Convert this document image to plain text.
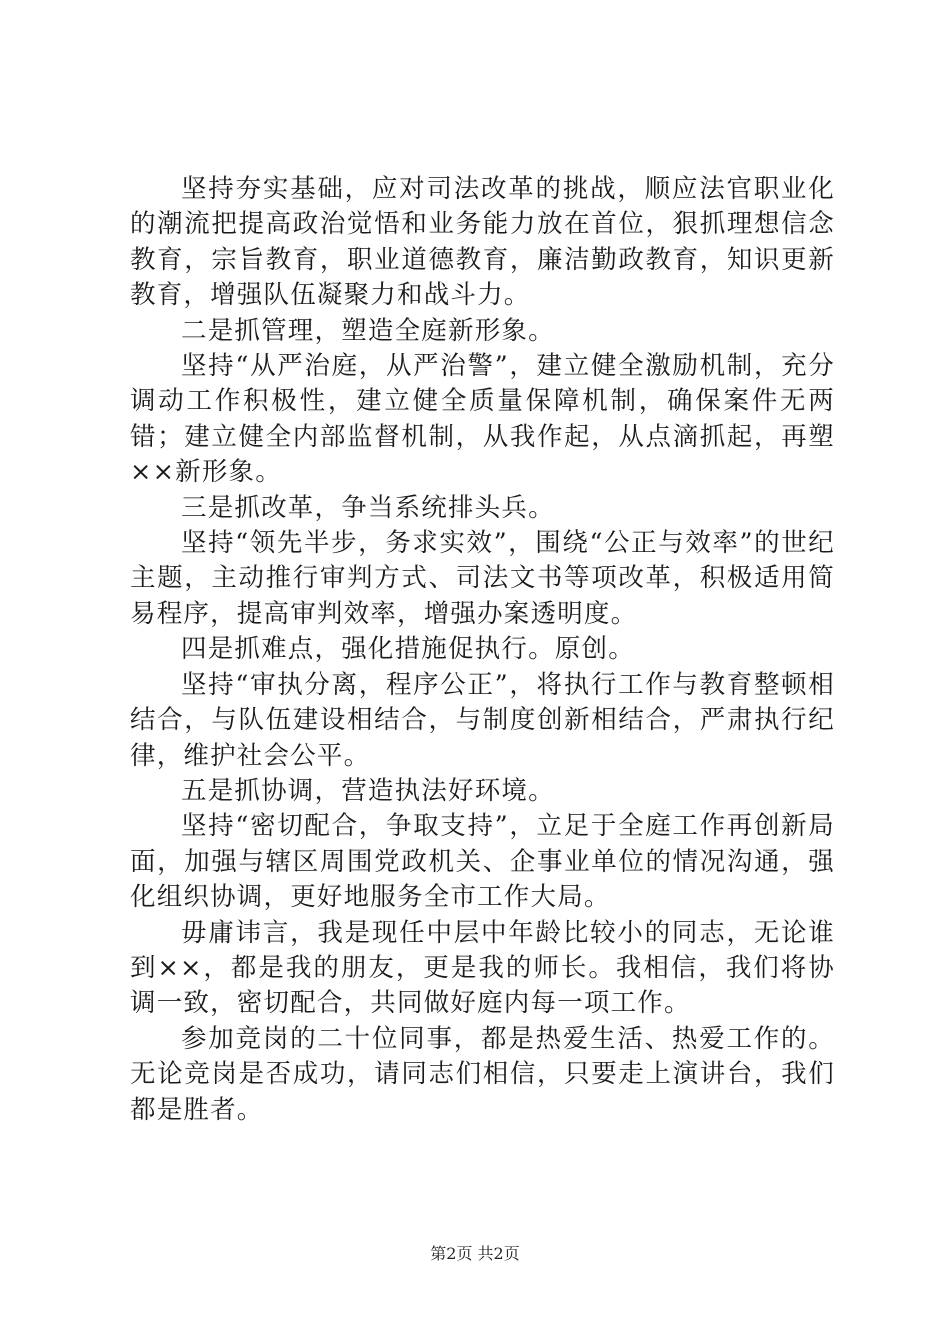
坚持夯实基础，应对司法改革的挑战，顺应法官职业化的潮流把提高政治觉悟和业务能力放在首位，狠抓理想信念教育，宗旨教育，职业道德教育，廉洁勤政教育，知识更新教育，增强队伍凝聚力和战斗力。

二是抓管理，塑造全庭新形象。

坚持“从严治庭，从严治警”，建立健全激励机制，充分调动工作积极性，建立健全质量保障机制，确保案件无两错；建立健全内部监督机制，从我作起，从点滴抓起，再塑××新形象。

三是抓改革，争当系统排头兵。

坚持“领先半步，务求实效”，围绕“公正与效率”的世纪主题，主动推行审判方式、司法文书等项改革，积极适用简易程序，提高审判效率，增强办案透明度。

四是抓难点，强化措施促执行。原创。

坚持“审执分离，程序公正”，将执行工作与教育整顿相结合，与队伍建设相结合，与制度创新相结合，严肃执行纪律，维护社会公平。

五是抓协调，营造执法好环境。

坚持“密切配合，争取支持”，立足于全庭工作再创新局面，加强与辖区周围党政机关、企事业单位的情况沟通，强化组织协调，更好地服务全市工作大局。

毋庸讳言，我是现任中层中年龄比较小的同志，无论谁到××，都是我的朋友，更是我的师长。我相信，我们将协调一致，密切配合，共同做好庭内每一项工作。

参加竞岗的二十位同事，都是热爱生活、热爱工作的。无论竞岗是否成功，请同志们相信，只要走上演讲台，我们都是胜者。

第2页 共2页
